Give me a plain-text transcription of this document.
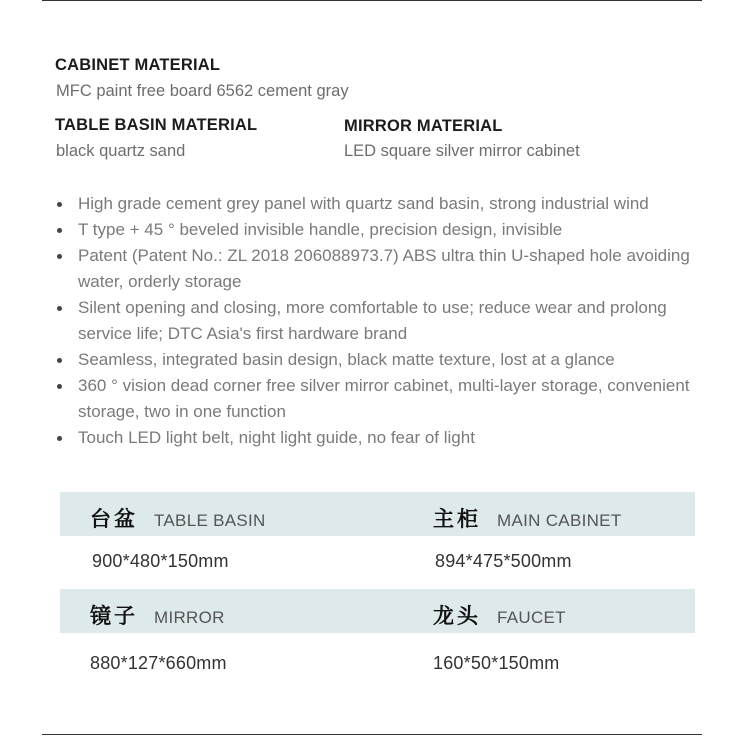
CABINET MATERIAL
MFC paint free board 6562 cement gray
TABLE BASIN MATERIAL
black quartz sand
MIRROR MATERIAL
LED square silver mirror cabinet
High grade cement grey panel with quartz sand basin, strong industrial wind
T type + 45 ° beveled invisible handle, precision design, invisible
Patent (Patent No.: ZL 2018 206088973.7) ABS ultra thin U-shaped hole avoiding water, orderly storage
Silent opening and closing, more comfortable to use; reduce wear and prolong service life; DTC Asia's first hardware brand
Seamless, integrated basin design, black matte texture, lost at a glance
360 ° vision dead corner free silver mirror cabinet, multi-layer storage, convenient storage, two in one function
Touch LED light belt, night light guide, no fear of light
台盆 TABLE BASIN	主柜 MAIN CABINET
900*480*150mm	894*475*500mm
镜子 MIRROR	龙头 FAUCET
880*127*660mm	160*50*150mm
